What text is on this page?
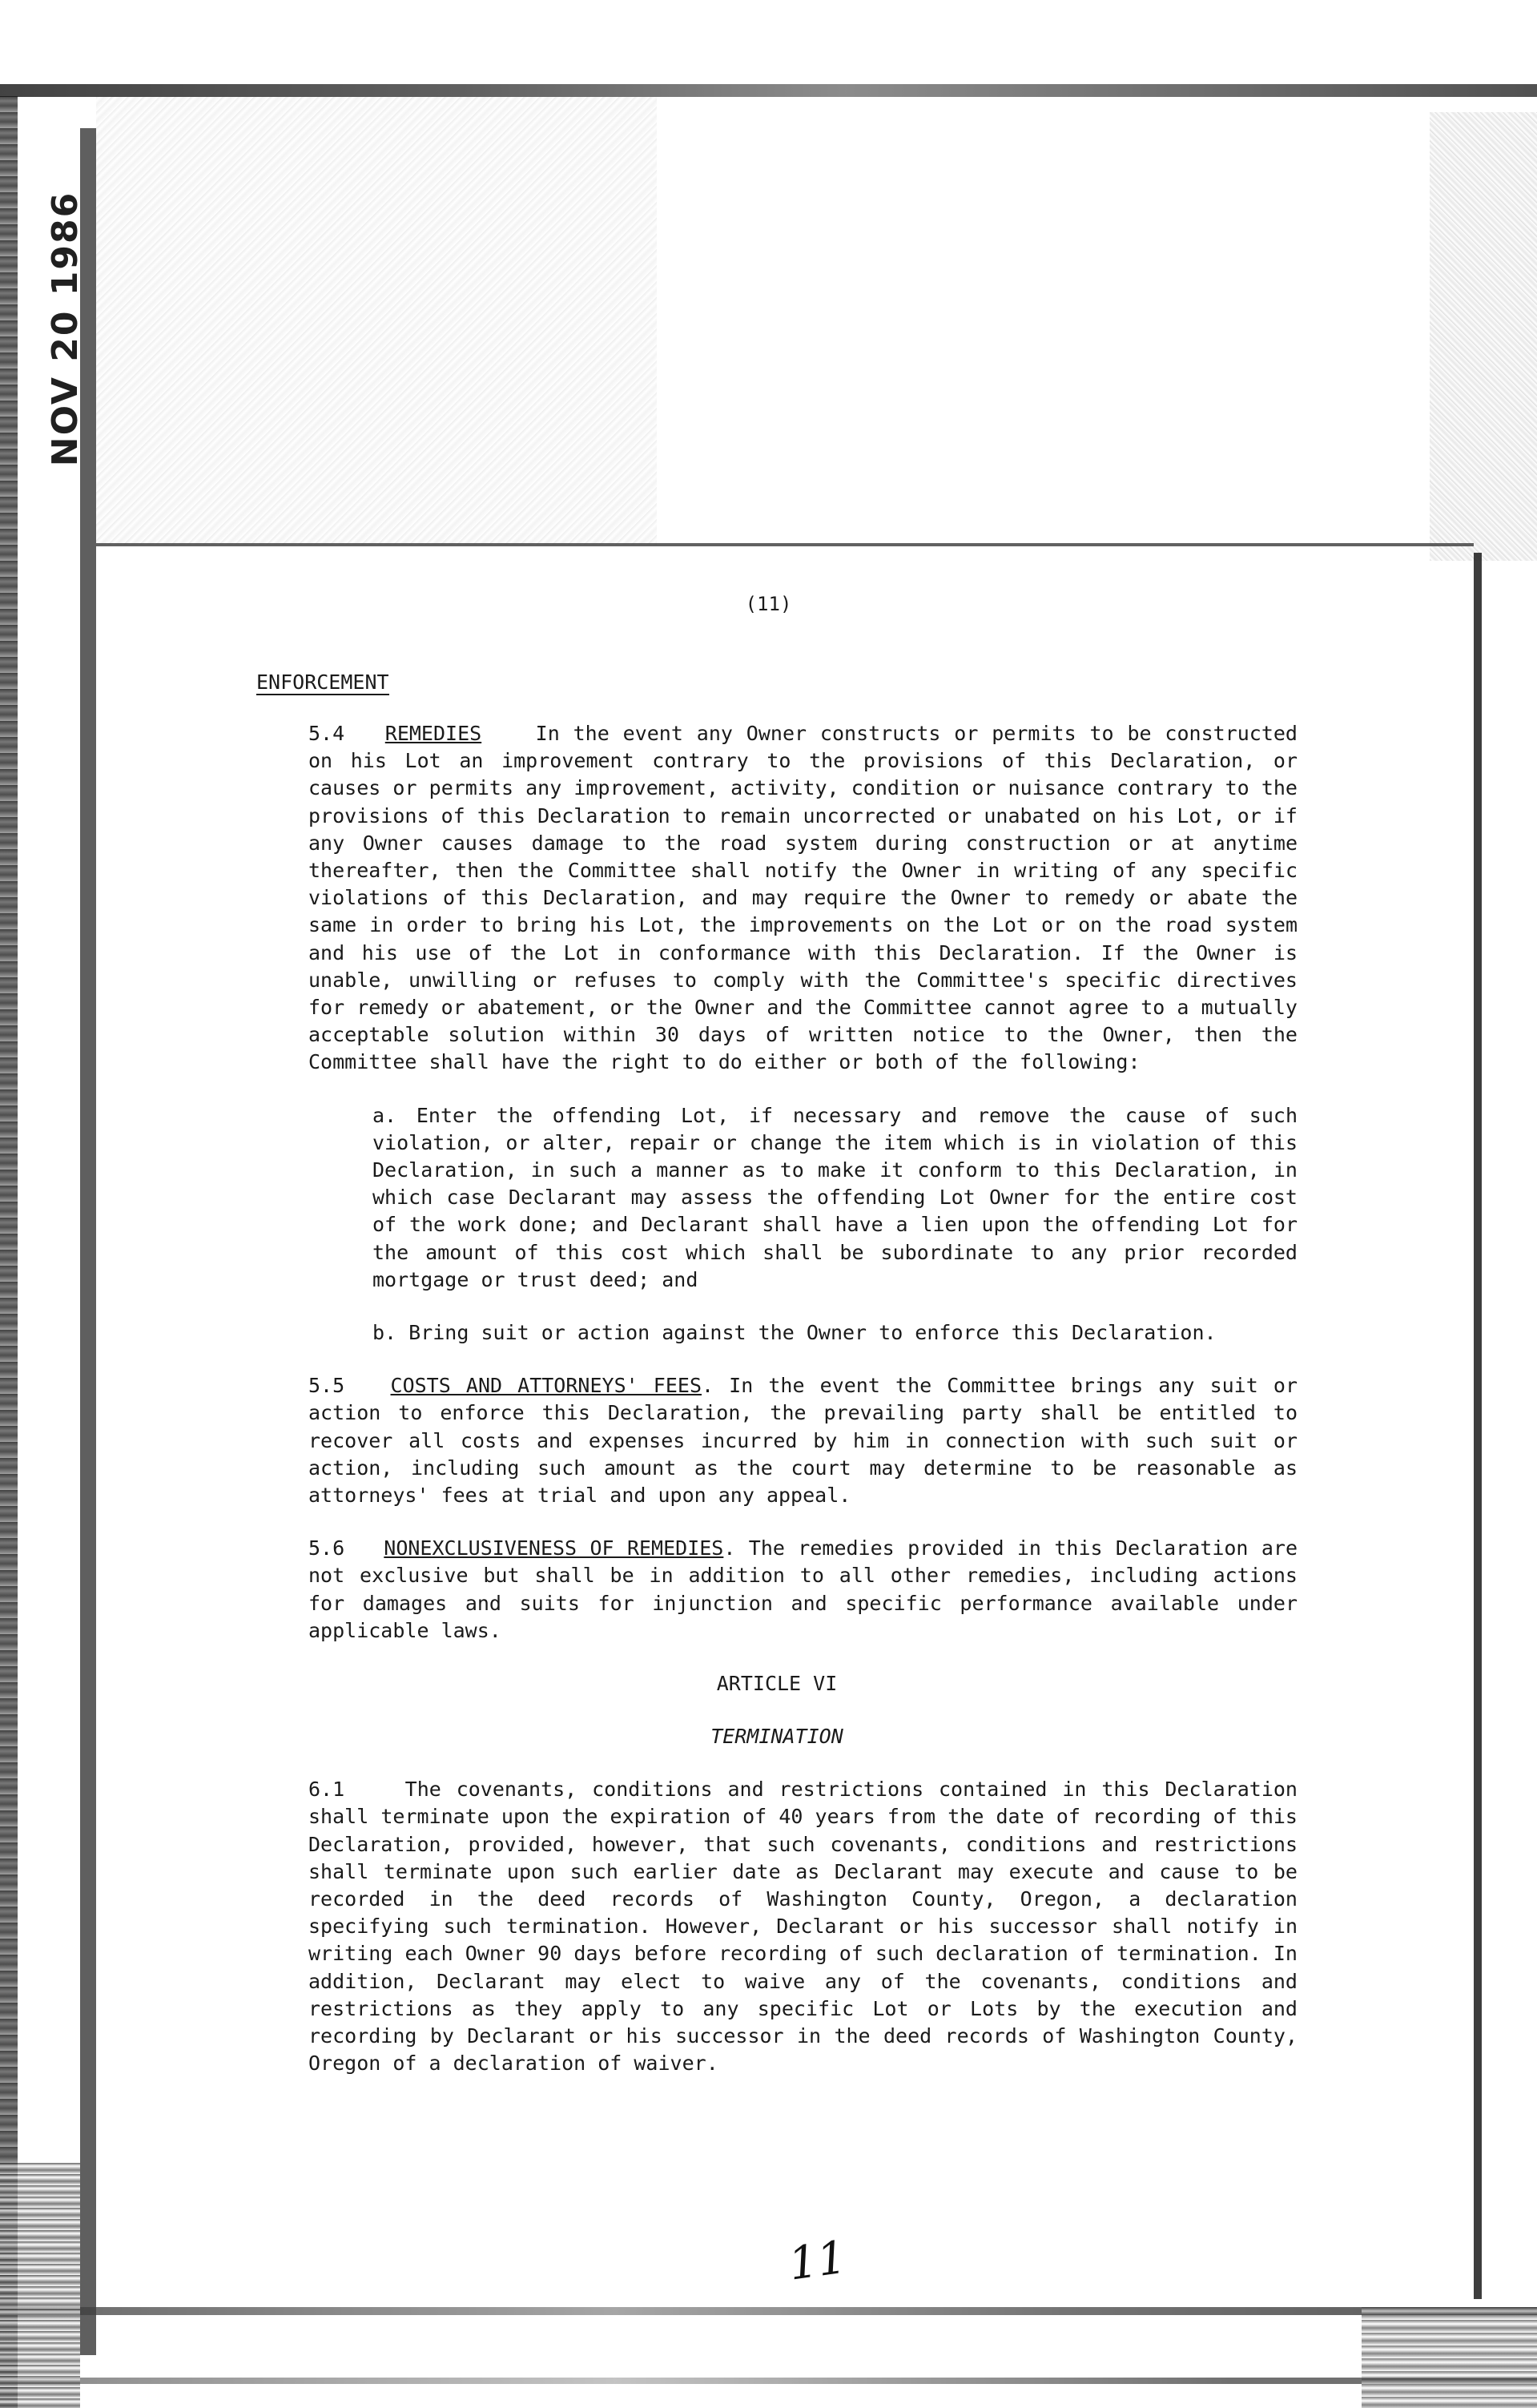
NOV 20 1986
(11)

ENFORCEMENT

5.4 REMEDIES	In the event any Owner constructs or permits to be constructed on his Lot an improvement contrary to the provisions of this Declaration, or causes or permits any improvement, activity, condition or nuisance contrary to the provisions of this Declaration to remain uncorrected or unabated on his Lot, or if any Owner causes damage to the road system during construction or at anytime thereafter, then the Committee shall notify the Owner in writing of any specific violations of this Declaration, and may require the Owner to remedy or abate the same in order to bring his Lot, the improvements on the Lot or on the road system and his use of the Lot in conformance with this Declaration. If the Owner is unable, unwilling or refuses to comply with the Committee's specific directives for remedy or abatement, or the Owner and the Committee cannot agree to a mutually acceptable solution within 30 days of written notice to the Owner, then the Committee shall have the right to do either or both of the following:

a. Enter the offending Lot, if necessary and remove the cause of such violation, or alter, repair or change the item which is in violation of this Declaration, in such a manner as to make it conform to this Declaration, in which case Declarant may assess the offending Lot Owner for the entire cost of the work done; and Declarant shall have a lien upon the offending Lot for the amount of this cost which shall be subordinate to any prior recorded mortgage or trust deed; and

b. Bring suit or action against the Owner to enforce this Declaration.

5.5 COSTS AND ATTORNEYS' FEES. In the event the Committee brings any suit or action to enforce this Declaration, the prevailing party shall be entitled to recover all costs and expenses incurred by him in connection with such suit or action, including such amount as the court may determine to be reasonable as attorneys' fees at trial and upon any appeal.

5.6 NONEXCLUSIVENESS OF REMEDIES. The remedies provided in this Declaration are not exclusive but shall be in addition to all other remedies, including actions for damages and suits for injunction and specific performance available under applicable laws.

ARTICLE VI

TERMINATION

6.1	The covenants, conditions and restrictions contained in this Declaration shall terminate upon the expiration of 40 years from the date of recording of this Declaration, provided, however, that such covenants, conditions and restrictions shall terminate upon such earlier date as Declarant may execute and cause to be recorded in the deed records of Washington County, Oregon, a declaration specifying such termination. However, Declarant or his successor shall notify in writing each Owner 90 days before recording of such declaration of termination. In addition, Declarant may elect to waive any of the covenants, conditions and restrictions as they apply to any specific Lot or Lots by the execution and recording by Declarant or his successor in the deed records of Washington County, Oregon of a declaration of waiver.

11
